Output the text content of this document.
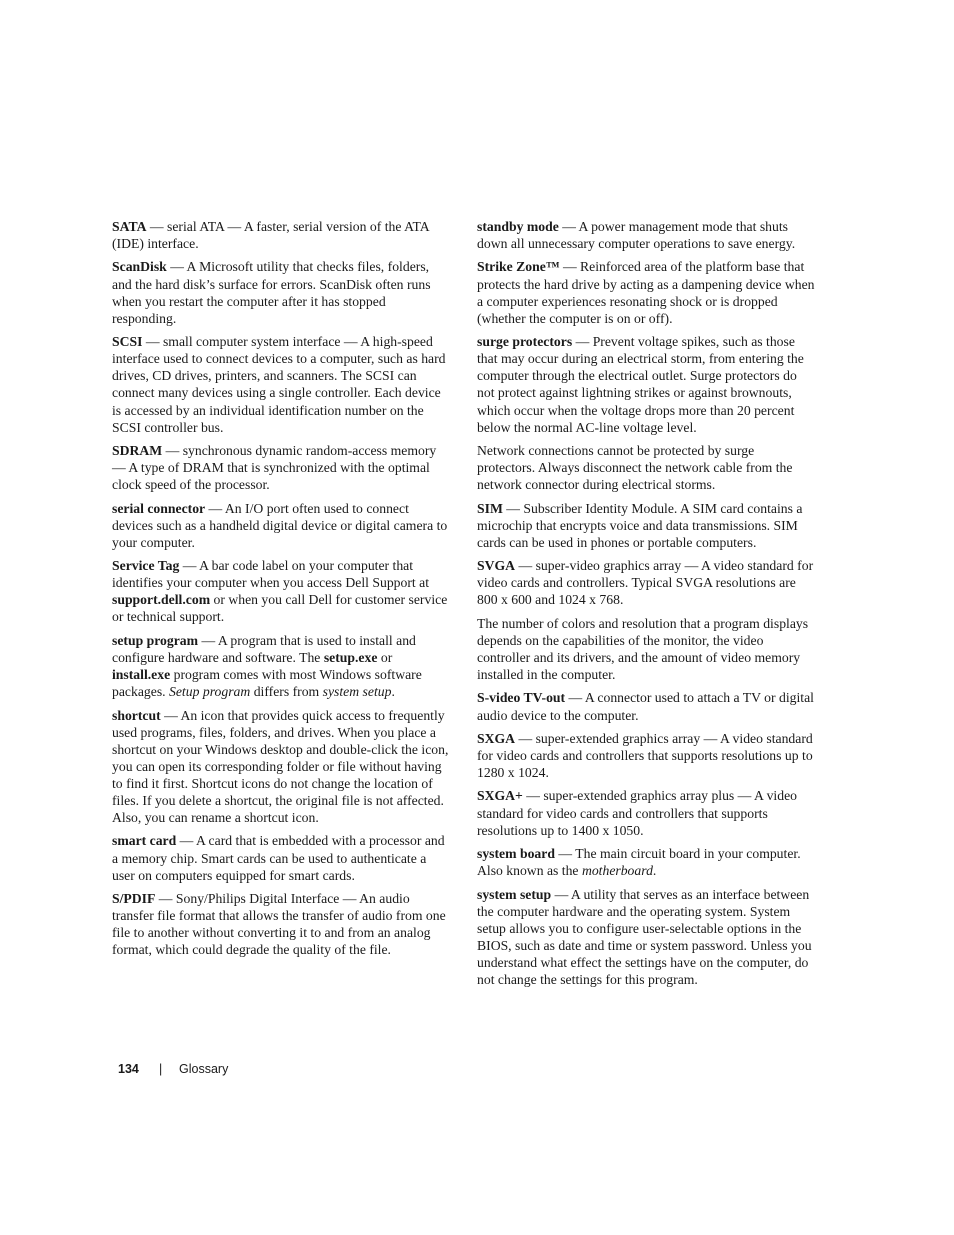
SATA — serial ATA — A faster, serial version of the ATA (IDE) interface.

ScanDisk — A Microsoft utility that checks files, folders, and the hard disk’s surface for errors. ScanDisk often runs when you restart the computer after it has stopped responding.

SCSI — small computer system interface — A high-speed interface used to connect devices to a computer, such as hard drives, CD drives, printers, and scanners. The SCSI can connect many devices using a single controller. Each device is accessed by an individual identification number on the SCSI controller bus.

SDRAM — synchronous dynamic random-access memory — A type of DRAM that is synchronized with the optimal clock speed of the processor.

serial connector — An I/O port often used to connect devices such as a handheld digital device or digital camera to your computer.

Service Tag — A bar code label on your computer that identifies your computer when you access Dell Support at support.dell.com or when you call Dell for customer service or technical support.

setup program — A program that is used to install and configure hardware and software. The setup.exe or install.exe program comes with most Windows software packages. Setup program differs from system setup.

shortcut — An icon that provides quick access to frequently used programs, files, folders, and drives. When you place a shortcut on your Windows desktop and double-click the icon, you can open its corresponding folder or file without having to find it first. Shortcut icons do not change the location of files. If you delete a shortcut, the original file is not affected. Also, you can rename a shortcut icon.

smart card — A card that is embedded with a processor and a memory chip. Smart cards can be used to authenticate a user on computers equipped for smart cards.

S/PDIF — Sony/Philips Digital Interface — An audio transfer file format that allows the transfer of audio from one file to another without converting it to and from an analog format, which could degrade the quality of the file.

standby mode — A power management mode that shuts down all unnecessary computer operations to save energy.

Strike Zone™ — Reinforced area of the platform base that protects the hard drive by acting as a dampening device when a computer experiences resonating shock or is dropped (whether the computer is on or off).

surge protectors — Prevent voltage spikes, such as those that may occur during an electrical storm, from entering the computer through the electrical outlet. Surge protectors do not protect against lightning strikes or against brownouts, which occur when the voltage drops more than 20 percent below the normal AC-line voltage level.

Network connections cannot be protected by surge protectors. Always disconnect the network cable from the network connector during electrical storms.

SIM — Subscriber Identity Module. A SIM card contains a microchip that encrypts voice and data transmissions. SIM cards can be used in phones or portable computers.

SVGA — super-video graphics array — A video standard for video cards and controllers. Typical SVGA resolutions are 800 x 600 and 1024 x 768.

The number of colors and resolution that a program displays depends on the capabilities of the monitor, the video controller and its drivers, and the amount of video memory installed in the computer.

S-video TV-out — A connector used to attach a TV or digital audio device to the computer.

SXGA — super-extended graphics array — A video standard for video cards and controllers that supports resolutions up to 1280 x 1024.

SXGA+ — super-extended graphics array plus — A video standard for video cards and controllers that supports resolutions up to 1400 x 1050.

system board — The main circuit board in your computer. Also known as the motherboard.

system setup — A utility that serves as an interface between the computer hardware and the operating system. System setup allows you to configure user-selectable options in the BIOS, such as date and time or system password. Unless you understand what effect the settings have on the computer, do not change the settings for this program.

134 | Glossary
